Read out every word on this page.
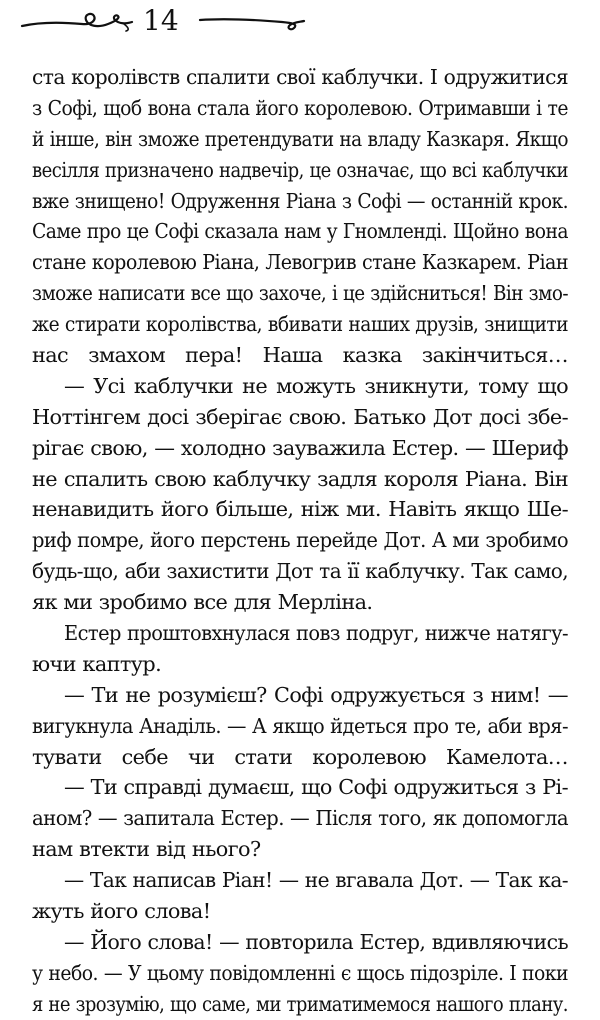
14
ста королівств спалити свої каблучки. І одружитися
з Софі, щоб вона стала його королевою. Отримавши і те
й інше, він зможе претендувати на владу Казкаря. Якщо
весілля призначено надвечір, це означає, що всі каблучки
вже знищено! Одруження Ріана з Софі — останній крок.
Саме про це Софі сказала нам у Гномленді. Щойно вона
стане королевою Ріана, Левогрив стане Казкарем. Ріан
зможе написати все що захоче, і це здійсниться! Він змо-
же стирати королівства, вбивати наших друзів, знищити
нас змахом пера! Наша казка закінчиться…
— Усі каблучки не можуть зникнути, тому що
Ноттінгем досі зберігає свою. Батько Дот досі збе-
рігає свою, — холодно зауважила Естер. — Шериф
не спалить свою каблучку задля короля Ріана. Він
ненавидить його більше, ніж ми. Навіть якщо Ше-
риф помре, його перстень перейде Дот. А ми зробимо
будь-що, аби захистити Дот та її каблучку. Так само,
як ми зробимо все для Мерліна.
Естер проштовхнулася повз подруг, нижче натягу-
ючи каптур.
— Ти не розумієш? Софі одружується з ним! —
вигукнула Анаділь. — А якщо йдеться про те, аби вря-
тувати себе чи стати королевою Камелота…
— Ти справді думаєш, що Софі одружиться з Рі-
аном? — запитала Естер. — Після того, як допомогла
нам втекти від нього?
— Так написав Ріан! — не вгавала Дот. — Так ка-
жуть його слова!
— Його слова! — повторила Естер, вдивляючись
у небо. — У цьому повідомленні є щось підозріле. І поки
я не зрозумію, що саме, ми триматимемося нашого плану.
